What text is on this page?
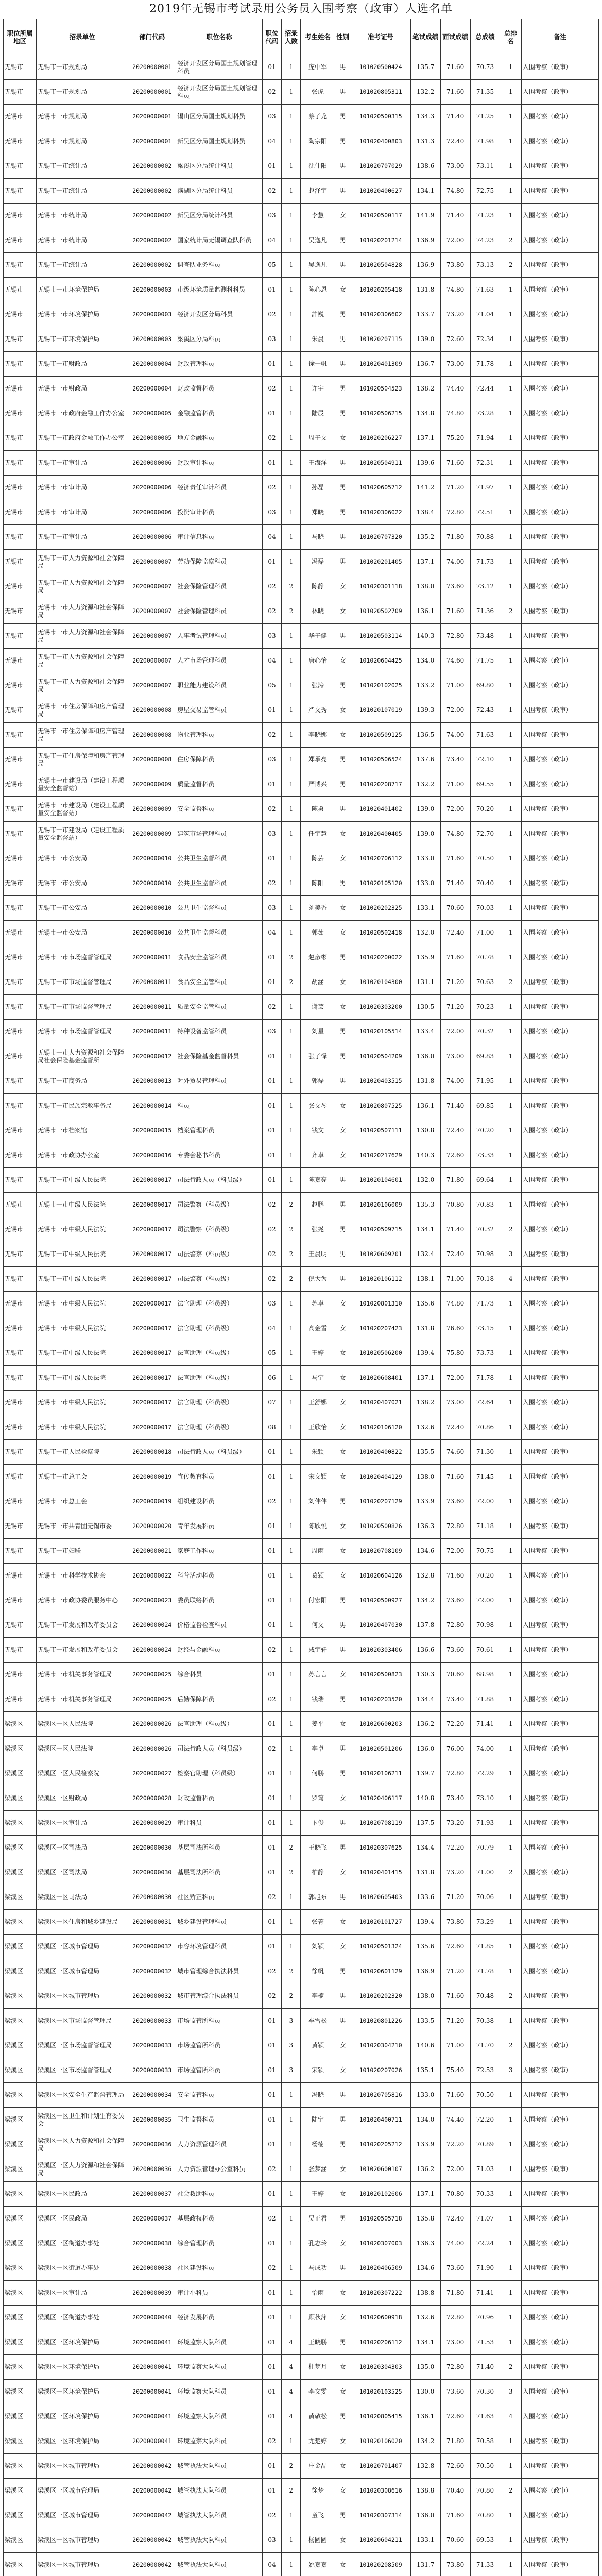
2019年无锡市考试录用公务员入围考察（政审）人选名单
职位所属地区	招录单位	部门代码	职位名称	职位代码	招录人数	考生姓名	性别	准考证号	笔试成绩	面试成绩	总成绩	总排名	备注
无锡市	无锡市一市规划局	20200000001	经济开发区分局国土规划管理科员	01	1	庞中军	男	101020500424	135.7	71.60	70.73	1	入围考察（政审）
无锡市	无锡市一市规划局	20200000001	经济开发区分局国土规划管理科员	02	1	张虎	男	101020805311	132.2	71.60	71.35	1	入围考察（政审）
无锡市	无锡市一市规划局	20200000001	锡山区分局国土规划科员	03	1	蔡子龙	男	101020500315	134.3	71.40	71.25	1	入围考察（政审）
无锡市	无锡市一市规划局	20200000001	新吴区分局国土规划科员	04	1	陶宗阳	男	101020400803	131.3	72.40	71.98	1	入围考察（政审）
无锡市	无锡市一市统计局	20200000002	梁溪区分局统计科员	01	1	沈仲阳	男	101020707029	138.6	73.00	73.11	1	入围考察（政审）
无锡市	无锡市一市统计局	20200000002	滨湖区分局统计科员	02	1	赵泽宇	男	101020400627	134.1	74.80	72.75	1	入围考察（政审）
无锡市	无锡市一市统计局	20200000002	新吴区分局统计科员	03	1	李慧	女	101020500117	141.9	71.40	71.23	1	入围考察（政审）
无锡市	无锡市一市统计局	20200000002	国家统计局无锡调查队科员	04	1	吴逸凡	男	101020201214	136.9	72.00	74.23	2	入围考察（政审）
无锡市	无锡市一市统计局	20200000002	调查队业务科员	05	1	吴逸凡	男	101020504828	136.9	73.80	73.13	2	入围考察（政审）
无锡市	无锡市一市环境保护局	20200000003	市级环境质量监测科科员	01	1	陈心恩	女	101020205418	131.8	74.80	71.63	1	入围考察（政审）
无锡市	无锡市一市环境保护局	20200000003	经济开发区分局科员	02	1	許巍	男	101020306602	133.7	73.20	71.04	1	入围考察（政审）
无锡市	无锡市一市环境保护局	20200000003	梁溪区分局科员	03	1	朱晨	男	101020207115	139.0	72.60	72.34	1	入围考察（政审）
无锡市	无锡市一市财政局	20200000004	财政管理科员	01	1	徐一帆	男	101020401309	136.7	73.00	71.78	1	入围考察（政审）
无锡市	无锡市一市财政局	20200000004	财政监督科员	02	1	许宇	男	101020504523	138.2	74.40	72.44	1	入围考察（政审）
无锡市	无锡市一市政府金融工作办公室	20200000005	金融监管科员	01	1	陆辰	男	101020506215	134.8	74.80	73.28	1	入围考察（政审）
无锡市	无锡市一市政府金融工作办公室	20200000005	地方金融科员	02	1	周子文	女	101020206227	137.1	75.20	71.94	1	入围考察（政审）
无锡市	无锡市一市审计局	20200000006	财政审计科员	01	1	王海洋	男	101020504911	139.6	71.60	72.31	1	入围考察（政审）
无锡市	无锡市一市审计局	20200000006	经济责任审计科员	02	1	孙磊	男	101020605712	141.2	71.20	71.97	1	入围考察（政审）
无锡市	无锡市一市审计局	20200000006	投资审计科员	03	1	郑晓	男	101020306022	138.4	72.80	72.51	1	入围考察（政审）
无锡市	无锡市一市审计局	20200000006	审计信息科员	04	1	马晓	男	101020707320	135.2	71.80	70.88	1	入围考察（政审）
无锡市	无锡市一市人力资源和社会保障局	20200000007	劳动保障监察科员	01	1	冯磊	男	101020201405	137.1	74.00	71.73	1	入围考察（政审）
无锡市	无锡市一市人力资源和社会保障局	20200000007	社会保险管理科员	02	2	陈静	女	101020301118	138.0	73.60	73.12	1	入围考察（政审）
无锡市	无锡市一市人力资源和社会保障局	20200000007	社会保险管理科员	02	2	林晓	女	101020502709	136.1	71.60	71.36	2	入围考察（政审）
无锡市	无锡市一市人力资源和社会保障局	20200000007	人事考试管理科员	03	1	华子健	男	101020503114	140.3	72.80	73.48	1	入围考察（政审）
无锡市	无锡市一市人力资源和社会保障局	20200000007	人才市场管理科员	04	1	唐心怡	女	101020604425	134.0	74.60	71.75	1	入围考察（政审）
无锡市	无锡市一市人力资源和社会保障局	20200000007	职业能力建设科员	05	1	张涛	男	101020102025	133.2	71.00	69.80	1	入围考察（政审）
无锡市	无锡市一市住房保障和房产管理局	20200000008	房屋交易监管科员	01	1	严文秀	女	101020107019	139.3	72.00	72.43	1	入围考察（政审）
无锡市	无锡市一市住房保障和房产管理局	20200000008	物业管理科员	02	1	李晓娜	女	101020509125	136.5	74.00	71.63	1	入围考察（政审）
无锡市	无锡市一市住房保障和房产管理局	20200000008	住房保障科员	03	1	郑承亮	男	101020506524	137.6	73.40	72.10	1	入围考察（政审）
无锡市	无锡市一市建设局（建设工程质量安全监督站）	20200000009	质量监督科员	01	1	严博兴	男	101020208717	132.2	71.00	69.55	1	入围考察（政审）
无锡市	无锡市一市建设局（建设工程质量安全监督站）	20200000009	安全监督科员	02	1	陈勇	男	101020401402	139.0	72.00	70.20	1	入围考察（政审）
无锡市	无锡市一市建设局（建设工程质量安全监督站）	20200000009	建筑市场管理科员	03	1	任宇慧	女	101020400405	139.0	74.80	72.70	1	入围考察（政审）
无锡市	无锡市一市公安局	20200000010	公共卫生监督科员	01	1	陈芸	女	101020706112	133.0	71.60	70.50	1	入围考察（政审）
无锡市	无锡市一市公安局	20200000010	公共卫生监督科员	02	1	陈阳	男	101020105120	133.0	71.40	70.40	1	入围考察（政审）
无锡市	无锡市一市公安局	20200000010	公共卫生监督科员	03	1	刘美香	女	101020202325	133.1	70.60	70.03	1	入围考察（政审）
无锡市	无锡市一市公安局	20200000010	公共卫生监督科员	04	1	郭茹	女	101020502418	132.0	72.40	71.00	1	入围考察（政审）
无锡市	无锡市一市市场监督管理局	20200000011	食品安全监管科员	01	2	赵彦彬	男	101020200022	135.9	71.60	70.78	1	入围考察（政审）
无锡市	无锡市一市市场监督管理局	20200000011	食品安全监管科员	01	2	胡涵	女	101020104300	131.1	71.20	70.63	2	入围考察（政审）
无锡市	无锡市一市市场监督管理局	20200000011	质量安全监管科员	02	1	谢芸	女	101020303200	130.5	71.20	70.23	1	入围考察（政审）
无锡市	无锡市一市市场监督管理局	20200000011	特种设备监管科员	03	1	刘星	男	101020105514	133.4	72.00	70.32	1	入围考察（政审）
无锡市	无锡市一市人力资源和社会保障局社会保险基金监督所	20200000012	社会保险基金监督科员	01	1	张子怿	男	101020504209	136.0	73.00	69.83	1	入围考察（政审）
无锡市	无锡市一市商务局	20200000013	对外贸易管理科员	01	1	郭磊	男	101020403515	131.8	74.00	71.95	1	入围考察（政审）
无锡市	无锡市一市民族宗教事务局	20200000014	科员	01	1	张文琴	女	101020807525	136.1	71.40	69.85	1	入围考察（政审）
无锡市	无锡市一市档案馆	20200000015	档案管理科员	01	1	钱文	女	101020507111	130.8	72.40	70.20	1	入围考察（政审）
无锡市	无锡市一市政协办公室	20200000016	专委会秘书科员	01	1	齐卓	女	101020217629	140.3	72.60	73.33	1	入围考察（政审）
无锡市	无锡市一市中级人民法院	20200000017	司法行政人员（科员级）	01	1	陈嘉亮	男	101020104601	132.0	71.80	69.64	1	入围考察（政审）
无锡市	无锡市一市中级人民法院	20200000017	司法警察（科员级）	02	2	赵鹏	男	101020106009	135.3	70.80	70.83	1	入围考察（政审）
无锡市	无锡市一市中级人民法院	20200000017	司法警察（科员级）	02	2	张尧	男	101020509715	134.1	71.40	70.32	2	入围考察（政审）
无锡市	无锡市一市中级人民法院	20200000017	司法警察（科员级）	02	2	王晨明	男	101020609201	132.4	72.40	70.98	3	入围考察（政审）
无锡市	无锡市一市中级人民法院	20200000017	司法警察（科员级）	02	2	倪大为	男	101020106112	138.1	71.00	70.18	4	入围考察（政审）
无锡市	无锡市一市中级人民法院	20200000017	法官助理（科员级）	03	1	苏卓	女	101020801310	135.6	74.80	71.73	1	入围考察（政审）
无锡市	无锡市一市中级人民法院	20200000017	法官助理（科员级）	04	1	高金雪	女	101020207423	131.8	76.60	73.15	1	入围考察（政审）
无锡市	无锡市一市中级人民法院	20200000017	法官助理（科员级）	05	1	王婷	女	101020506200	139.4	75.80	73.73	1	入围考察（政审）
无锡市	无锡市一市中级人民法院	20200000017	法官助理（科员级）	06	1	马宁	女	101020608401	137.1	72.00	71.78	1	入围考察（政审）
无锡市	无锡市一市中级人民法院	20200000017	法官助理（科员级）	07	1	王舒娜	女	101020407021	138.2	73.00	72.64	1	入围考察（政审）
无锡市	无锡市一市中级人民法院	20200000017	法官助理（科员级）	08	1	王欣怡	女	101020106120	132.6	72.40	70.86	1	入围考察（政审）
无锡市	无锡市一市人民检察院	20200000018	司法行政人员（科员级）	01	1	朱颖	女	101020400822	135.5	74.60	71.30	1	入围考察（政审）
无锡市	无锡市一市总工会	20200000019	宣传教育科员	01	1	宋文颖	女	101020404129	138.0	71.60	71.45	1	入围考察（政审）
无锡市	无锡市一市总工会	20200000019	组织建设科员	02	1	刘伟伟	男	101020207129	133.9	73.60	72.00	1	入围考察（政审）
无锡市	无锡市一市共青团无锡市委	20200000020	青年发展科员	01	1	陈欣悦	女	101020500826	136.3	72.80	71.18	1	入围考察（政审）
无锡市	无锡市一市妇联	20200000021	家庭工作科员	01	1	周雨	女	101020708109	134.6	72.00	70.75	1	入围考察（政审）
无锡市	无锡市一市科学技术协会	20200000022	科普活动科员	01	1	葛颖	女	101020604126	132.8	71.60	70.20	1	入围考察（政审）
无锡市	无锡市一市政协委员服务中心	20200000023	委员联络科员	01	1	付宏阳	男	101020500927	134.2	73.60	72.00	1	入围考察（政审）
无锡市	无锡市一市发展和改革委员会	20200000024	价格监督检查科员	01	1	何文	男	101020407030	137.8	72.80	70.98	1	入围考察（政审）
无锡市	无锡市一市发展和改革委员会	20200000024	财经与金融科员	02	1	戚宇轩	男	101020303406	136.6	73.60	70.61	1	入围考察（政审）
无锡市	无锡市一市机关事务管理局	20200000025	综合科员	01	1	苏言言	女	101020500823	130.3	70.60	68.98	1	入围考察（政审）
无锡市	无锡市一市机关事务管理局	20200000025	后勤保障科员	02	1	钱瑞	男	101020203520	134.4	73.40	71.88	1	入围考察（政审）
梁溪区	梁溪区一区人民法院	20200000026	法官助理（科员级）	01	1	姜平	女	101020600203	136.2	72.20	71.41	1	入围考察（政审）
梁溪区	梁溪区一区人民法院	20200000026	司法行政人员（科员级）	02	1	李卓	男	101020501206	136.0	76.00	74.00	1	入围考察（政审）
梁溪区	梁溪区一区人民检察院	20200000027	检察官助理（科员级）	01	1	何鹏	男	101020106211	139.7	72.80	72.29	1	入围考察（政审）
梁溪区	梁溪区一区财政局	20200000028	财政监督科员	01	1	罗筠	女	101020406117	140.8	73.40	73.10	1	入围考察（政审）
梁溪区	梁溪区一区审计局	20200000029	审计科员	01	1	卞俊	男	101020708119	137.5	73.20	71.93	1	入围考察（政审）
梁溪区	梁溪区一区司法局	20200000030	基层司法所科员	01	2	王晓飞	男	101020307625	134.4	72.20	70.79	1	入围考察（政审）
梁溪区	梁溪区一区司法局	20200000030	基层司法所科员	01	2	柏静	女	101020401415	131.8	73.20	71.00	2	入围考察（政审）
梁溪区	梁溪区一区司法局	20200000030	社区矫正科员	02	1	郭旭东	男	101020605403	133.6	71.20	70.06	1	入围考察（政审）
梁溪区	梁溪区一区住房和城乡建设局	20200000031	城乡建设管理科员	01	1	张菁	女	101020101727	139.4	73.80	73.29	1	入围考察（政审）
梁溪区	梁溪区一区城市管理局	20200000032	市容环境管理科员	01	1	刘颖	女	101020501324	135.6	72.60	71.85	1	入围考察（政审）
梁溪区	梁溪区一区城市管理局	20200000032	城市管理综合执法科员	02	2	徐帆	男	101020601129	136.9	71.20	71.78	1	入围考察（政审）
梁溪区	梁溪区一区城市管理局	20200000032	城市管理综合执法科员	02	2	李楠	男	101020202320	138.0	71.60	70.48	2	入围考察（政审）
梁溪区	梁溪区一区市场监督管理局	20200000033	市场监管所科员	01	3	车雪松	男	101020801226	133.5	71.20	70.38	1	入围考察（政审）
梁溪区	梁溪区一区市场监督管理局	20200000033	市场监管所科员	01	3	黄颖	女	101020304210	140.6	71.00	71.70	2	入围考察（政审）
梁溪区	梁溪区一区市场监督管理局	20200000033	市场监管所科员	01	3	宋颖	女	101020207026	135.1	75.40	72.53	3	入围考察（政审）
梁溪区	梁溪区一区安全生产监督管理局	20200000034	安全监管科员	01	1	冯晓	男	101020705816	133.0	71.60	70.50	1	入围考察（政审）
梁溪区	梁溪区一区卫生和计划生育委员会	20200000035	卫生监督科员	01	1	陆宇	男	101020400711	134.0	74.40	72.20	1	入围考察（政审）
梁溪区	梁溪区一区人力资源和社会保障局	20200000036	人力资源管理科员	01	1	杨楠	男	101020205212	133.9	72.20	70.89	1	入围考察（政审）
梁溪区	梁溪区一区人力资源和社会保障局	20200000036	人力资源管理办公室科员	02	1	张梦涵	女	101020600107	136.2	72.00	71.03	1	入围考察（政审）
梁溪区	梁溪区一区民政局	20200000037	社会救助科员	01	1	王婷	女	101020102606	137.1	70.80	70.33	1	入围考察（政审）
梁溪区	梁溪区一区民政局	20200000037	基层政权科员	02	1	吴正君	男	101020505718	135.8	72.40	71.07	1	入围考察（政审）
梁溪区	梁溪区一区街道办事处	20200000038	综合管理科员	01	1	孔志玲	女	101020307003	136.3	74.00	72.24	1	入围考察（政审）
梁溪区	梁溪区一区街道办事处	20200000038	社区建设科员	02	1	马成功	男	101020406509	134.6	73.60	71.90	1	入围考察（政审）
梁溪区	梁溪区一区审计局	20200000039	审计小科员	01	1	怡雨	女	101020307222	138.8	71.80	71.41	1	入围考察（政审）
梁溪区	梁溪区一区街道办事处	20200000040	经济发展科员	01	1	顾秋萍	女	101020600918	132.6	72.80	70.96	1	入围考察（政审）
梁溪区	梁溪区一区环境保护局	20200000041	环境监察大队科员	01	4	王晓鹏	男	101020206112	134.1	73.00	71.53	1	入围考察（政审）
梁溪区	梁溪区一区环境保护局	20200000041	环境监察大队科员	01	4	杜梦月	女	101020304303	135.0	72.80	71.40	2	入围考察（政审）
梁溪区	梁溪区一区环境保护局	20200000041	环境监察大队科员	01	4	李文雯	女	101020103525	130.0	73.60	70.30	3	入围考察（政审）
梁溪区	梁溪区一区环境保护局	20200000041	环境监察大队科员	01	4	黄敬松	男	101020805415	136.1	72.60	71.63	4	入围考察（政审）
梁溪区	梁溪区一区环境保护局	20200000041	环境监察大队科员	02	1	尤楚婷	女	101020106020	134.2	71.80	70.58	1	入围考察（政审）
梁溪区	梁溪区一区城市管理局	20200000042	城管执法大队科员	01	2	庄金晶	女	101020701407	132.8	72.60	70.50	1	入围考察（政审）
梁溪区	梁溪区一区城市管理局	20200000042	城管执法大队科员	01	2	徐梦	女	101020308616	138.8	70.40	70.80	2	入围考察（政审）
梁溪区	梁溪区一区城市管理局	20200000042	城管执法大队科员	02	1	童飞	男	101020307314	136.0	71.60	70.80	1	入围考察（政审）
梁溪区	梁溪区一区城市管理局	20200000042	城管执法大队科员	03	1	杨圆圆	女	101020604211	133.1	70.60	69.53	1	入围考察（政审）
梁溪区	梁溪区一区城市管理局	20200000042	城管执法大队科员	04	1	姚嘉嘉	女	101020208509	131.7	73.80	71.33	1	入围考察（政审）
